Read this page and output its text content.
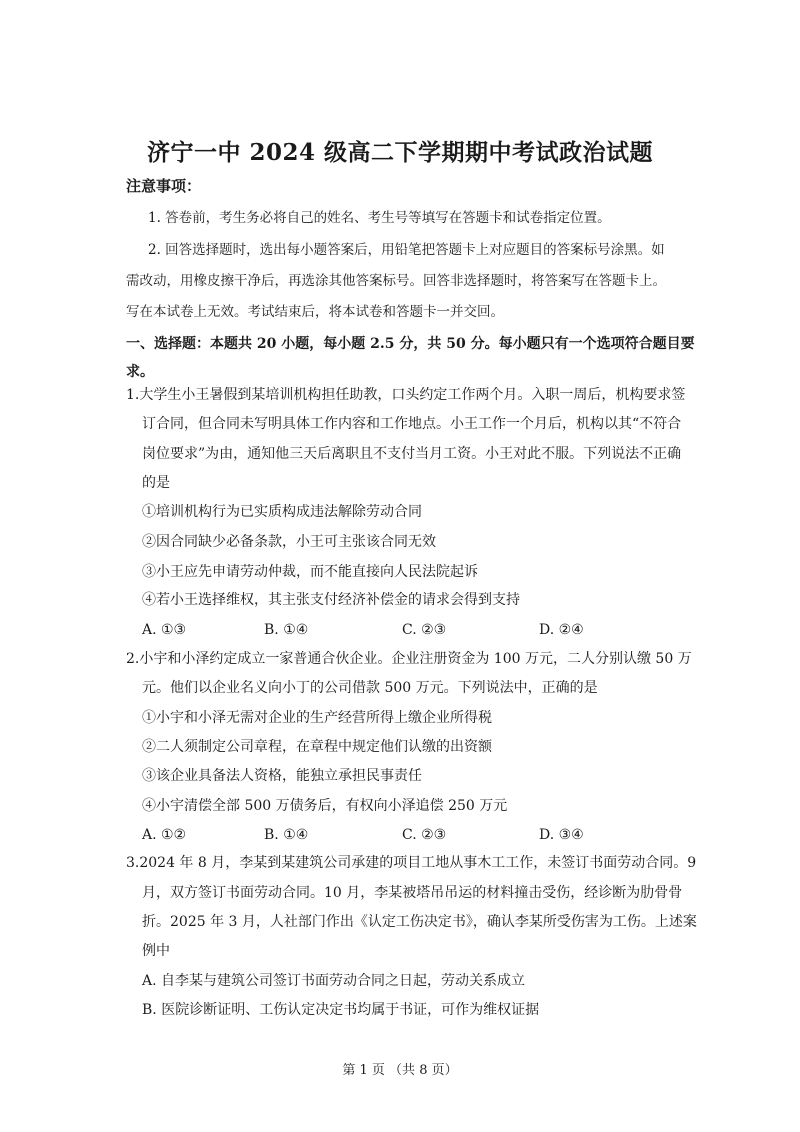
济宁一中 2024 级高二下学期期中考试政治试题
注意事项：
1. 答卷前，考生务必将自己的姓名、考生号等填写在答题卡和试卷指定位置。
2. 回答选择题时，选出每小题答案后，用铅笔把答题卡上对应题目的答案标号涂黑。如
需改动，用橡皮擦干净后，再选涂其他答案标号。回答非选择题时，将答案写在答题卡上。
写在本试卷上无效。考试结束后，将本试卷和答题卡一并交回。
一、选择题：本题共 20 小题，每小题 2.5 分，共 50 分。每小题只有一个选项符合题目要
求。
1.大学生小王暑假到某培训机构担任助教，口头约定工作两个月。入职一周后，机构要求签
订合同，但合同未写明具体工作内容和工作地点。小王工作一个月后，机构以其“不符合
岗位要求”为由，通知他三天后离职且不支付当月工资。小王对此不服。下列说法不正确
的是
①培训机构行为已实质构成违法解除劳动合同
②因合同缺少必备条款，小王可主张该合同无效
③小王应先申请劳动仲裁，而不能直接向人民法院起诉
④若小王选择维权，其主张支付经济补偿金的请求会得到支持
A. ①③	B. ①④	C. ②③	D. ②④
2.小宇和小泽约定成立一家普通合伙企业。企业注册资金为 100 万元，二人分别认缴 50 万
元。他们以企业名义向小丁的公司借款 500 万元。下列说法中，正确的是
①小宇和小泽无需对企业的生产经营所得上缴企业所得税
②二人须制定公司章程，在章程中规定他们认缴的出资额
③该企业具备法人资格，能独立承担民事责任
④小宇清偿全部 500 万债务后，有权向小泽追偿 250 万元
A. ①②	B. ①④	C. ②③	D. ③④
3.2024 年 8 月，李某到某建筑公司承建的项目工地从事木工工作，未签订书面劳动合同。9
月，双方签订书面劳动合同。10 月，李某被塔吊吊运的材料撞击受伤，经诊断为肋骨骨
折。2025 年 3 月，人社部门作出《认定工伤决定书》，确认李某所受伤害为工伤。上述案
例中
A. 自李某与建筑公司签订书面劳动合同之日起，劳动关系成立
B. 医院诊断证明、工伤认定决定书均属于书证，可作为维权证据
第 1 页 （共 8 页）
